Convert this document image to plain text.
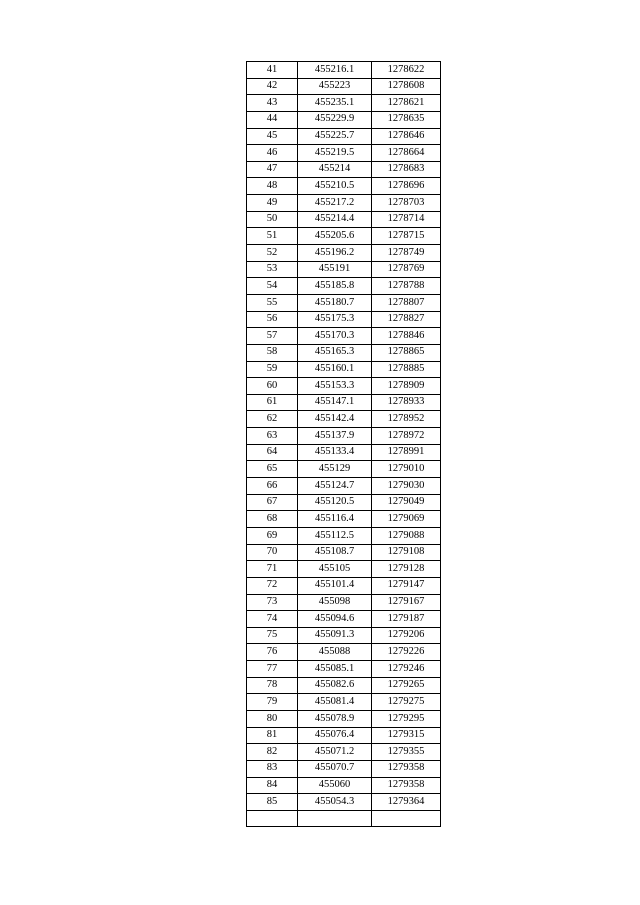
41	455216.1	1278622
42	455223	1278608
43	455235.1	1278621
44	455229.9	1278635
45	455225.7	1278646
46	455219.5	1278664
47	455214	1278683
48	455210.5	1278696
49	455217.2	1278703
50	455214.4	1278714
51	455205.6	1278715
52	455196.2	1278749
53	455191	1278769
54	455185.8	1278788
55	455180.7	1278807
56	455175.3	1278827
57	455170.3	1278846
58	455165.3	1278865
59	455160.1	1278885
60	455153.3	1278909
61	455147.1	1278933
62	455142.4	1278952
63	455137.9	1278972
64	455133.4	1278991
65	455129	1279010
66	455124.7	1279030
67	455120.5	1279049
68	455116.4	1279069
69	455112.5	1279088
70	455108.7	1279108
71	455105	1279128
72	455101.4	1279147
73	455098	1279167
74	455094.6	1279187
75	455091.3	1279206
76	455088	1279226
77	455085.1	1279246
78	455082.6	1279265
79	455081.4	1279275
80	455078.9	1279295
81	455076.4	1279315
82	455071.2	1279355
83	455070.7	1279358
84	455060	1279358
85	455054.3	1279364
